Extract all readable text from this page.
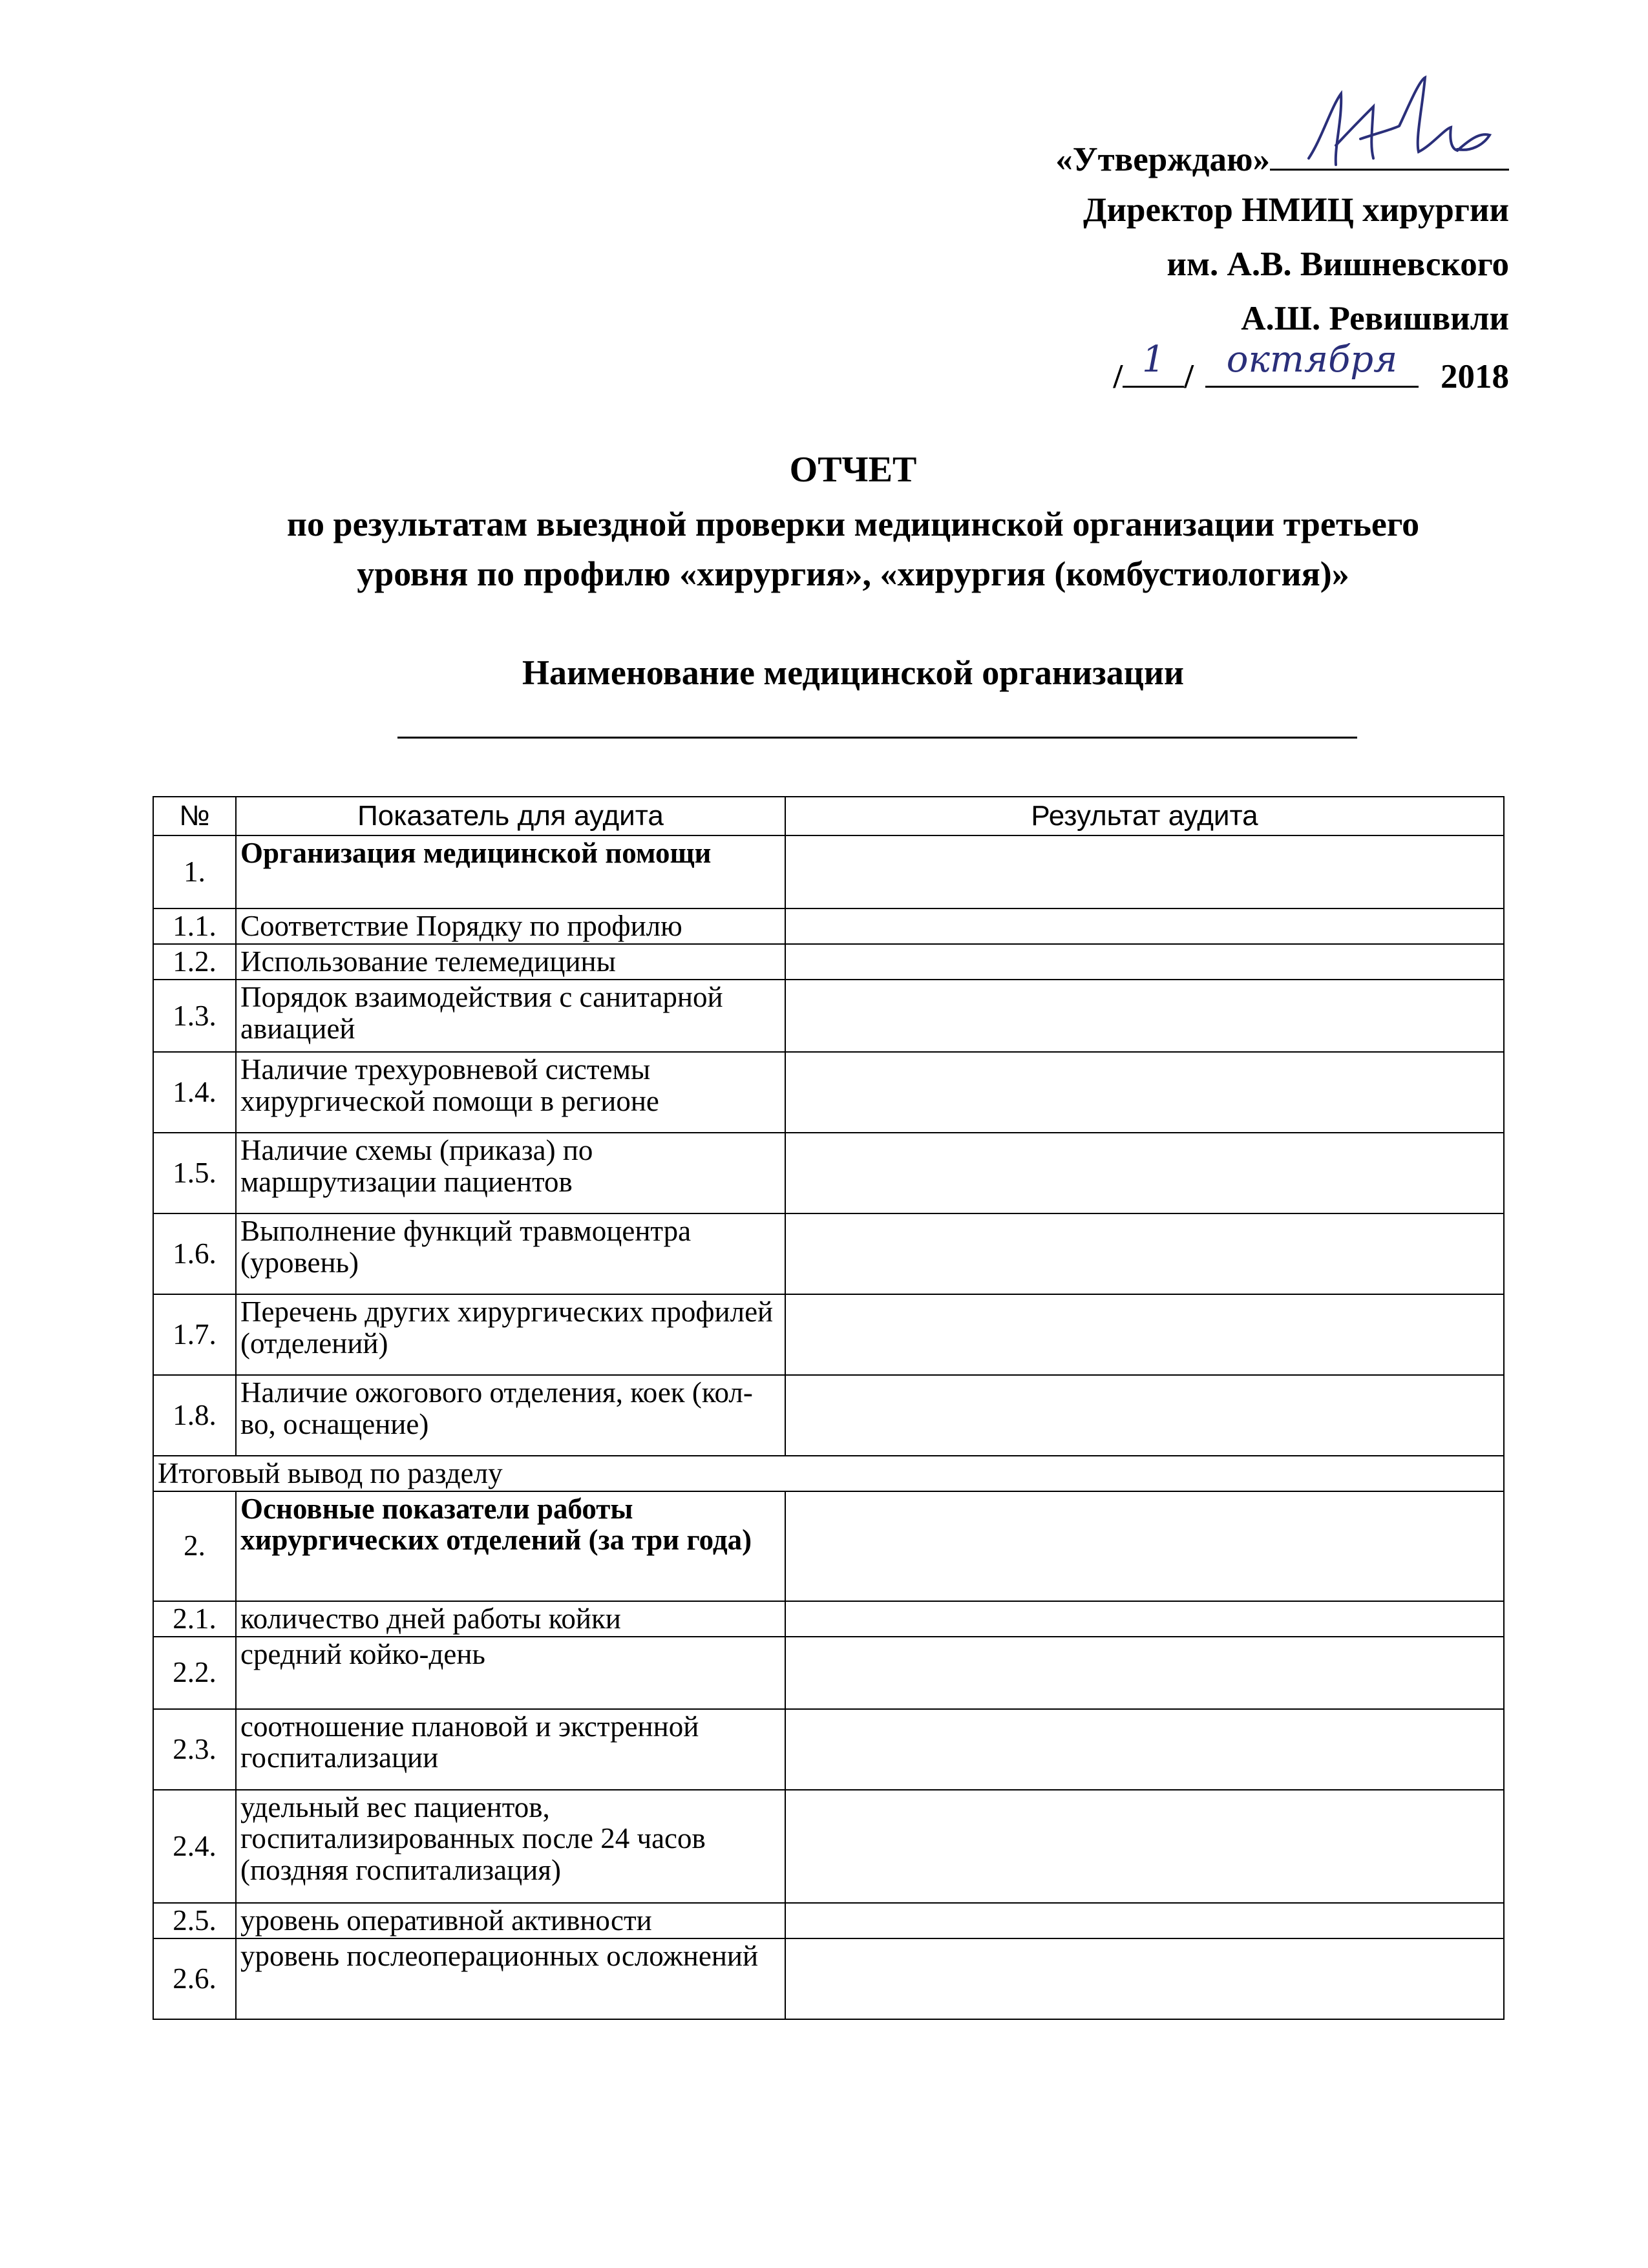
«Утверждаю»
Директор НМИЦ хирургии
им. А.В. Вишневского
А.Ш. Ревишвили
/ 1 / октября	2018
ОТЧЕТ
по результатам выездной проверки медицинской организации третьего
уровня по профилю «хирургия», «хирургия (комбустиология)»
Наименование медицинской организации
№	Показатель для аудита	Результат аудита
1.	Организация медицинской помощи	
1.1.	Соответствие Порядку по профилю	
1.2.	Использование телемедицины	
1.3.	Порядок взаимодействия с санитарной авиацией	
1.4.	Наличие трехуровневой системы хирургической помощи в регионе	
1.5.	Наличие схемы (приказа) по маршрутизации пациентов	
1.6.	Выполнение функций травмоцентра (уровень)	
1.7.	Перечень других хирургических профилей (отделений)	
1.8.	Наличие ожогового отделения, коек (кол-во, оснащение)	
Итоговый вывод по разделу		
2.	Основные показатели работы хирургических отделений (за три года)	
2.1.	количество дней работы койки	
2.2.	средний койко-день	
2.3.	соотношение плановой и экстренной госпитализации	
2.4.	удельный вес пациентов, госпитализированных после 24 часов (поздняя госпитализация)	
2.5.	уровень оперативной активности	
2.6.	уровень послеоперационных осложнений	
